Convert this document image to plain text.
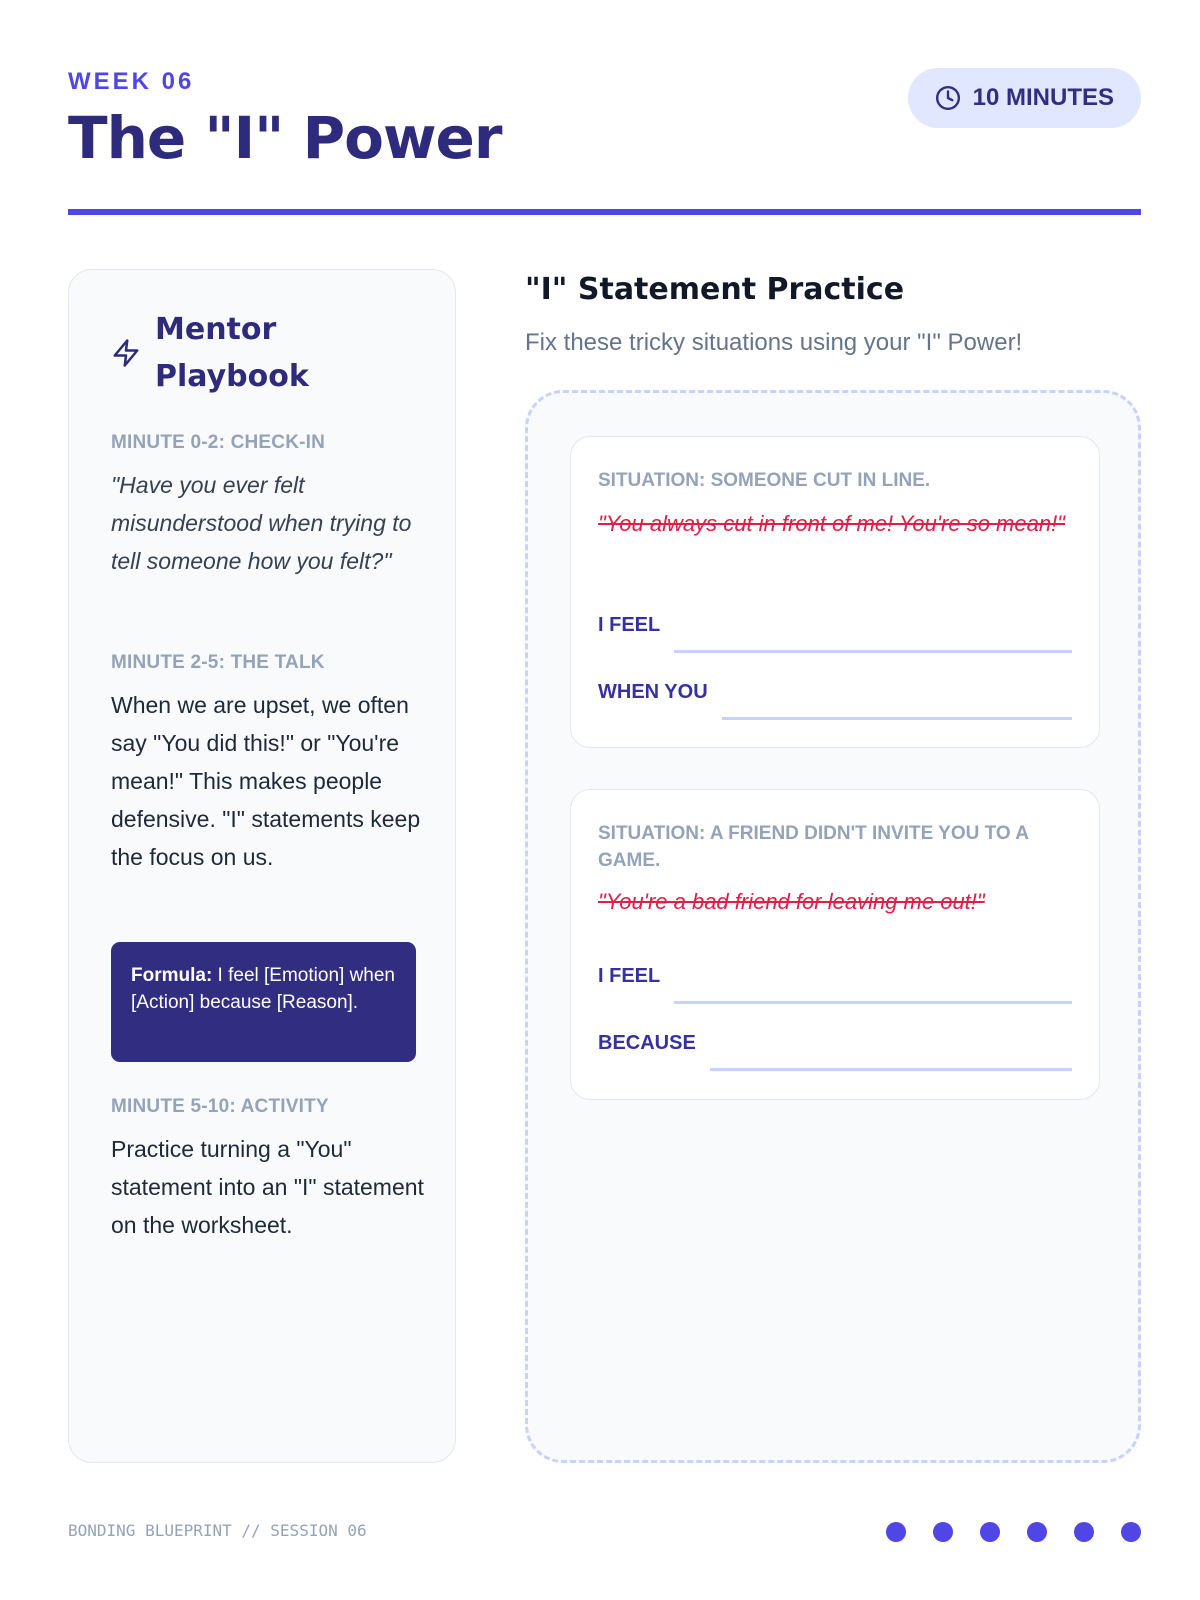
WEEK 06
The "I" Power
10 MINUTES
Mentor
Playbook
MINUTE 0-2: CHECK-IN
"Have you ever felt misunderstood when trying to tell someone how you felt?"
MINUTE 2-5: THE TALK
When we are upset, we often say "You did this!" or "You're mean!" This makes people defensive. "I" statements keep the focus on us.
Formula: I feel [Emotion] when [Action] because [Reason].
MINUTE 5-10: ACTIVITY
Practice turning a "You" statement into an "I" statement on the worksheet.
"I" Statement Practice
Fix these tricky situations using your "I" Power!
SITUATION: SOMEONE CUT IN LINE.
"You always cut in front of me! You're so mean!"
I FEEL
WHEN YOU
SITUATION: A FRIEND DIDN'T INVITE YOU TO A GAME.
"You're a bad friend for leaving me out!"
I FEEL
BECAUSE
BONDING BLUEPRINT // SESSION 06
